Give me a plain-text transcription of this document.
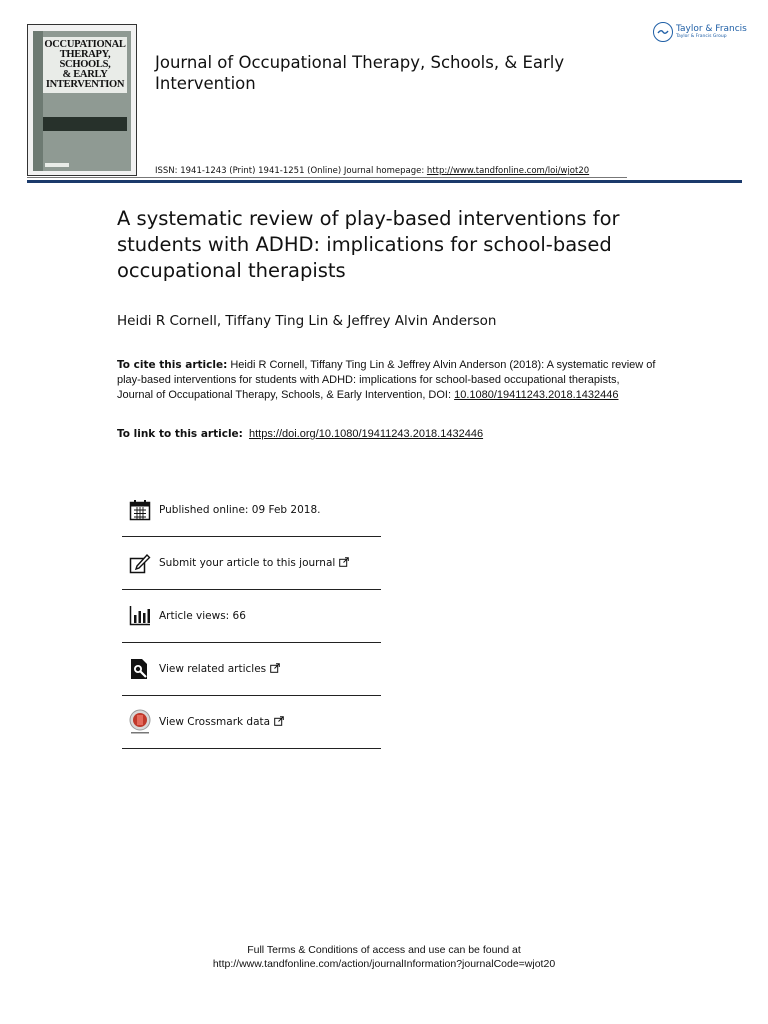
OCCUPATIONAL
THERAPY,
SCHOOLS,
& EARLY
INTERVENTION
Journal of Occupational Therapy, Schools, & Early Intervention
ISSN: 1941-1243 (Print) 1941-1251 (Online) Journal homepage: http://www.tandfonline.com/loi/wjot20
Taylor & Francis
Taylor & Francis Group
A systematic review of play-based interventions for students with ADHD: implications for school-based occupational therapists
Heidi R Cornell, Tiffany Ting Lin & Jeffrey Alvin Anderson
To cite this article: Heidi R Cornell, Tiffany Ting Lin & Jeffrey Alvin Anderson (2018): A systematic review of play-based interventions for students with ADHD: implications for school-based occupational therapists, Journal of Occupational Therapy, Schools, & Early Intervention, DOI: 10.1080/19411243.2018.1432446
To link to this article: https://doi.org/10.1080/19411243.2018.1432446
Published online: 09 Feb 2018.
Submit your article to this journal
Article views: 66
View related articles
View Crossmark data
Full Terms & Conditions of access and use can be found at
http://www.tandfonline.com/action/journalInformation?journalCode=wjot20
